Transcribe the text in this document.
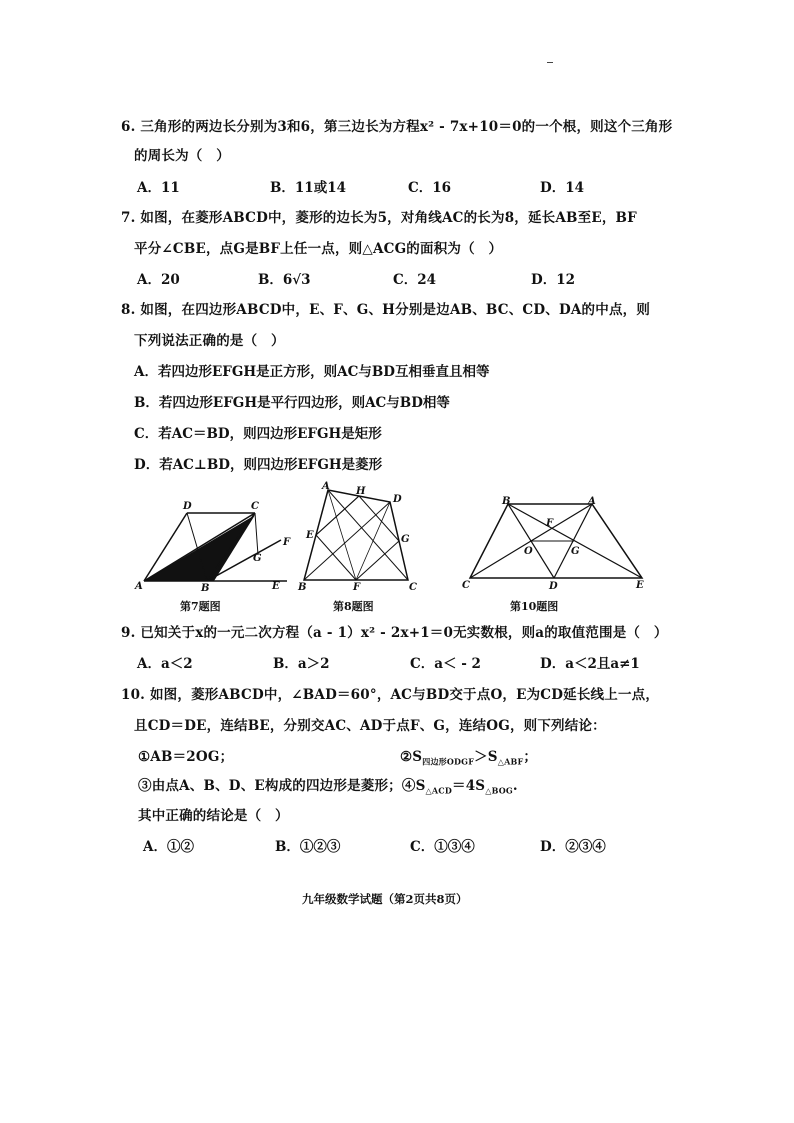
6. 三角形的两边长分别为3和6，第三边长为方程x² - 7x+10＝0的一个根，则这个三角形
的周长为（　）
A．11	B．11或14	C．16	D．14
7. 如图，在菱形ABCD中，菱形的边长为5，对角线AC的长为8，延长AB至E，BF
平分∠CBE，点G是BF上任一点，则△ACG的面积为（　）
A．20	B．6√3	C．24	D．12
8. 如图，在四边形ABCD中，E、F、G、H分别是边AB、BC、CD、DA的中点，则
下列说法正确的是（　）
A．若四边形EFGH是正方形，则AC与BD互相垂直且相等
B．若四边形EFGH是平行四边形，则AC与BD相等
C．若AC＝BD，则四边形EFGH是矩形
D．若AC⊥BD，则四边形EFGH是菱形
D	C
A	B	E
F
G
第7题图
A	H
D
E	G
B	F	C
第8题图
B	A
F
O	G
C	D	E
第10题图
9. 已知关于x的一元二次方程（a - 1）x² - 2x+1＝0无实数根，则a的取值范围是（　）
A．a＜2	B．a＞2	C．a＜ - 2	D．a＜2且a≠1
10. 如图，菱形ABCD中，∠BAD＝60°，AC与BD交于点O，E为CD延长线上一点，
且CD＝DE，连结BE，分别交AC、AD于点F、G，连结OG，则下列结论：
①AB＝2OG；	$②S_{四边形ODGF}>S_{\triangle ABF}$；
③由点A、B、D、E构成的四边形是菱形；$④S_{\triangle ACD}=4S_{\triangle BOG}$.
其中正确的结论是（　）
A．①②	B．①②③	C．①③④	D．②③④
九年级数学试题（第2页共8页）
